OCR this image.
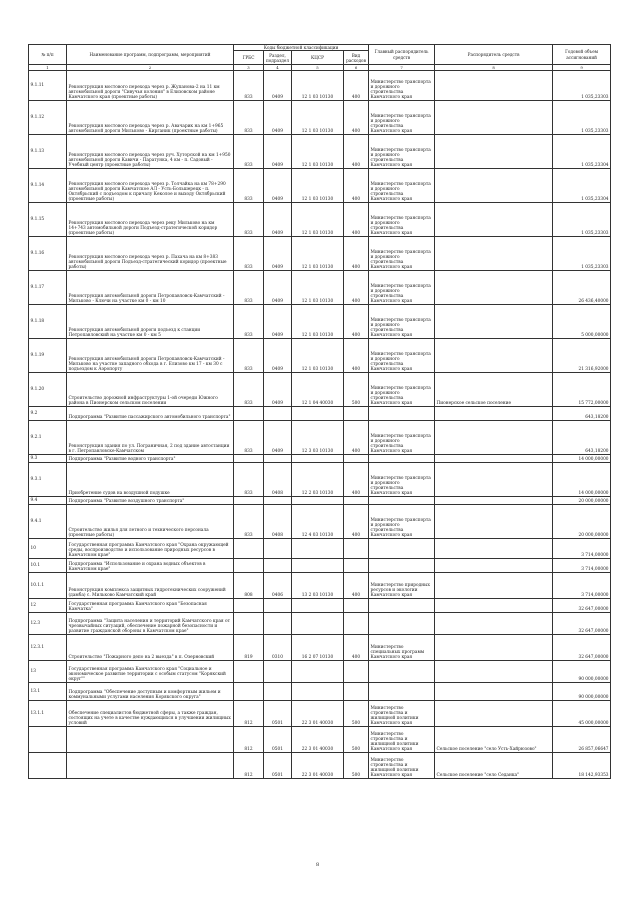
№ п/п	Наименование программ, подпрограмм, мероприятий	Коды бюджетной классификации				Главный распорядитель средств	Распорядитель средств	Годовой объем ассигнований
		ГРБС	Раздел, подраздел	КЦСР	Вид расходов			
1	2	3	4	5	6	7	8	9
9.1.11	Реконструкция мостового перехода через р. Жупанова-2 на 11 км автомобильной дороги "Сивучья колония" в Елизовском районе Камчатского края (проектные работы)	833	0409	12 1 03 10130	400	Министерство транспорта и дорожного строительства Камчатского края		1 035,23303
9.1.12	Реконструкция мостового перехода через р. Авачарик на км 1+965 автомобильной дороги Мильково - Кирганик (проектные работы)	833	0409	12 1 03 10130	400	Министерство транспорта и дорожного строительства Камчатского края		1 035,23303
9.1.13	Реконструкция мостового перехода через руч. Хуторской на км 1+950 автомобильной дороги Кавичи - Паратунка, 4 км - п. Садовый - Учебный центр (проектные работы)	833	0409	12 1 03 10130	400	Министерство транспорта и дорожного строительства Камчатского края		1 035,23304
9.1.14	Реконструкция мостового перехода через р. Толчайка на км 78+290 автомобильной дороги Камчатское АЛ - Усть-Большерецк - п. Октябрьский с подъездом к причалу Кеколое и выходу Октябрьский (проектные работы)	833	0409	12 1 03 10130	400	Министерство транспорта и дорожного строительства Камчатского края		1 035,23304
9.1.15	Реконструкция мостового перехода через реку Мильково на км 14+743 автомобильной дороги Подъезд-стратегической коридор (проектные работы)	833	0409	12 1 03 10130	400	Министерство транспорта и дорожного строительства Камчатского края		1 035,23303
9.1.16	Реконструкция мостового перехода через р. Пахача на км 8+383 автомобильной дороги Подъезд-стратегический коридор (проектные работы)	833	0409	12 1 03 10130	400	Министерство транспорта и дорожного строительства Камчатского края		1 035,23303
9.1.17	Реконструкция автомобильной дороги Петропавловск-Камчатский - Мильково - Ключи на участке км 0 - км 10	833	0409	12 1 03 10130	400	Министерство транспорта и дорожного строительства Камчатского края		26 436,40000
9.1.18	Реконструкция автомобильной дороги подъезд к станции Петропавловский на участке км 0 - км 5	833	0409	12 1 03 10130	400	Министерство транспорта и дорожного строительства Камчатского края		5 000,00000
9.1.19	Реконструкция автомобильной дороги Петропавловск-Камчатский - Мильково на участке западного обхода в г. Елизово км 17 - км 30 с подъездом к Аэропорту	833	0409	12 1 03 10130	400	Министерство транспорта и дорожного строительства Камчатского края		21 316,92000
9.1.20	Строительство дорожной инфраструктуры 1-ой очереди Южного района в Пионерском сельском поселении	833	0409	12 1 04 40030	500	Министерство транспорта и дорожного строительства Камчатского края	Пионерское сельское поселение	15 772,00000
9.2	Подпрограмма "Развитие пассажирского автомобильного транспорта"							643,18200
9.2.1	Реконструкция здания по ул. Пограничная, 2 под здание автостанции в г. Петропавловске-Камчатском	833	0409	12 3 03 10130	400	Министерство транспорта и дорожного строительства Камчатского края		643,18200
9.3	Подпрограмма "Развитие водного транспорта"							14 000,00000
9.3.1	Приобретение судов на воздушной подушке	833	0408	12 2 03 10130	400	Министерство транспорта и дорожного строительства Камчатского края		14 000,00000
9.4	Подпрограмма "Развитие воздушного транспорта"							20 000,00000
9.4.1	Строительство жилья для летного и технического персонала (проектные работы)	833	0408	12 4 03 10130	400	Министерство транспорта и дорожного строительства Камчатского края		20 000,00000
10	Государственная программа Камчатского края "Охрана окружающей среды, воспроизводство и использование природных ресурсов в Камчатском крае"							3 714,00000
10.1	Подпрограмма "Использование и охрана водных объектов в Камчатском крае"							3 714,00000
10.1.1	Реконструкция комплекса защитных гидротехнических сооружений (дамба) с. Мильково Камчатский край	808	0406	13 2 03 10130	400	Министерство природных ресурсов и экологии Камчатского края		3 714,00000
12	Государственная программа Камчатского края "Безопасная Камчатка"							32 647,00000
12.3	Подпрограмма "Защита населения и территорий Камчатского края от чрезвычайных ситуаций, обеспечение пожарной безопасности и развитие гражданской обороны в Камчатском крае"							32 647,00000
12.3.1	Строительство "Пожарного депо на 2 выезда" в п. Озерновский	819	0310	16 2 07 10130	400	Министерство специальных программ Камчатского края		32 647,00000
13	Государственная программа Камчатского края "Социальное и экономическое развитие территории с особым статусом "Корякский округ""							90 000,00000
13.1	Подпрограмма "Обеспечение доступным и комфортным жильем и коммунальными услугами населения Корякского округа"							90 000,00000
13.1.1	Обеспечение специалистов бюджетной сферы, а также граждан, состоящих на учете в качестве нуждающихся в улучшении жилищных условий	812	0501	22 3 01 40030	500	Министерство строительства и жилищной политики Камчатского края		45 000,00000
		812	0501	22 3 01 40030	500	Министерство строительства и жилищной политики Камчатского края	Сельское поселение "село Усть-Хайрюзово"	26 857,06647
		812	0501	22 3 01 40030	500	Министерство строительства и жилищной политики Камчатского края	Сельское поселение "село Седанка"	18 142,93353
8
